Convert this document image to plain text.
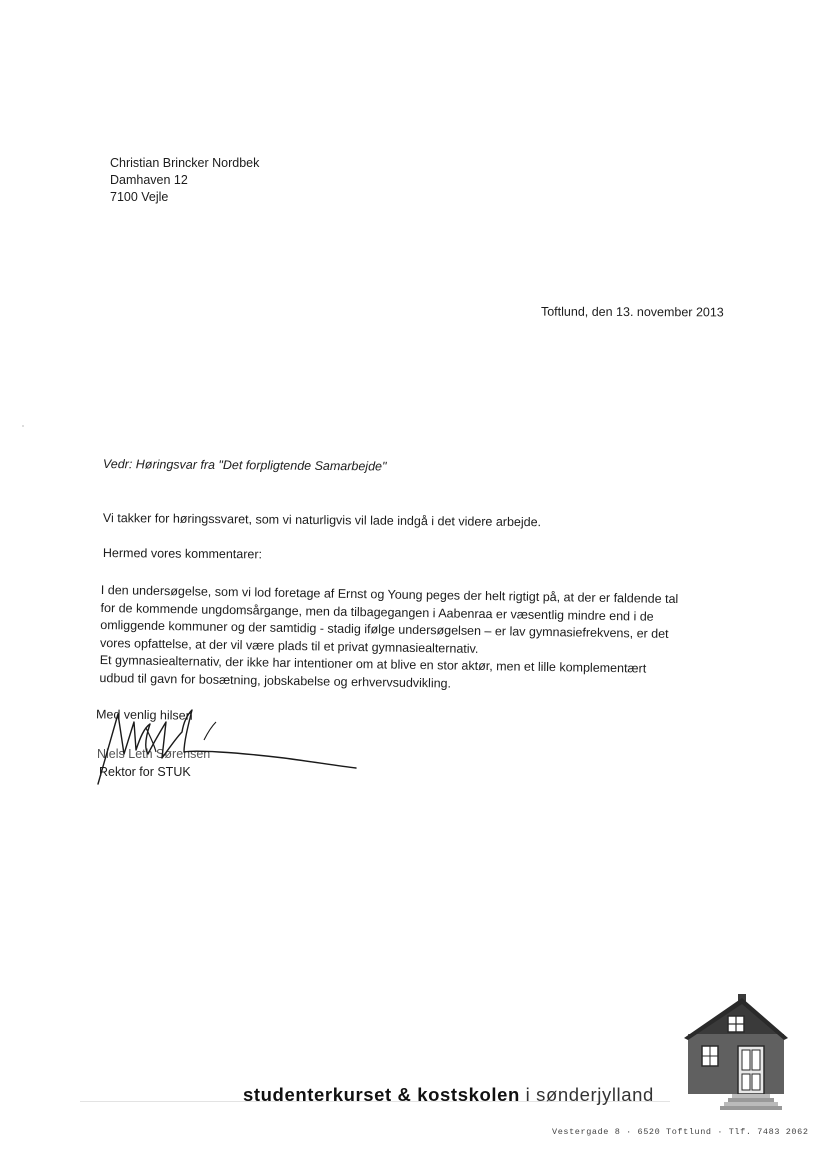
Christian Brincker Nordbek
Damhaven 12
7100 Vejle
Toftlund, den 13. november 2013
Vedr: Høringsvar fra "Det forpligtende Samarbejde"
Vi takker for høringssvaret, som vi naturligvis vil lade indgå i det videre arbejde.
Hermed vores kommentarer:
I den undersøgelse, som vi lod foretage af Ernst og Young peges der helt rigtigt på, at der er faldende tal
for de kommende ungdomsårgange, men da tilbagegangen i Aabenraa er væsentlig mindre end i de
omliggende kommuner og der samtidig - stadig ifølge undersøgelsen – er lav gymnasiefrekvens, er det
vores opfattelse, at der vil være plads til et privat gymnasiealternativ.
Et gymnasiealternativ, der ikke har intentioner om at blive en stor aktør, men et lille komplementært
udbud til gavn for bosætning, jobskabelse og erhvervsudvikling.
Med venlig hilsen
Niels Leth Sørensen
Rektor for STUK
studenterkurset & kostskolen i sønderjylland
Vestergade 8 · 6520 Toftlund · Tlf. 7483 2062
